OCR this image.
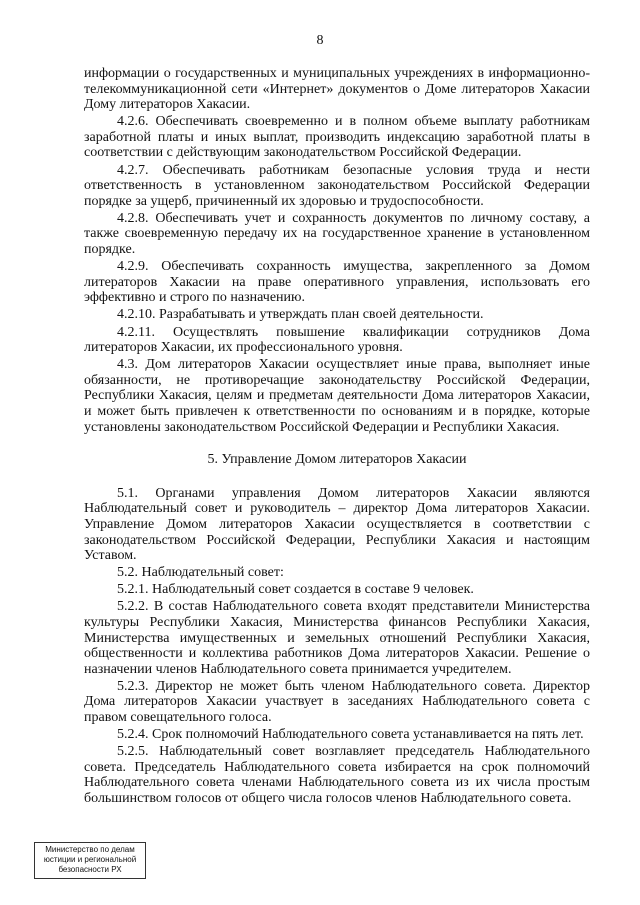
8

информации о государственных и муниципальных учреждениях в информационно-телекоммуникационной сети «Интернет» документов о Доме литераторов Хакасии Дому литераторов Хакасии.

4.2.6. Обеспечивать своевременно и в полном объеме выплату работникам заработной платы и иных выплат, производить индексацию заработной платы в соответствии с действующим законодательством Российской Федерации.

4.2.7. Обеспечивать работникам безопасные условия труда и нести ответственность в установленном законодательством Российской Федерации порядке за ущерб, причиненный их здоровью и трудоспособности.

4.2.8. Обеспечивать учет и сохранность документов по личному составу, а также своевременную передачу их на государственное хранение в установленном порядке.

4.2.9. Обеспечивать сохранность имущества, закрепленного за Домом литераторов Хакасии на праве оперативного управления, использовать его эффективно и строго по назначению.

4.2.10. Разрабатывать и утверждать план своей деятельности.

4.2.11. Осуществлять повышение квалификации сотрудников Дома литераторов Хакасии, их профессионального уровня.

4.3. Дом литераторов Хакасии осуществляет иные права, выполняет иные обязанности, не противоречащие законодательству Российской Федерации, Республики Хакасия, целям и предметам деятельности Дома литераторов Хакасии, и может быть привлечен к ответственности по основаниям и в порядке, которые установлены законодательством Российской Федерации и Республики Хакасия.

5. Управление Домом литераторов Хакасии

5.1. Органами управления Домом литераторов Хакасии являются Наблюдательный совет и руководитель – директор Дома литераторов Хакасии. Управление Домом литераторов Хакасии осуществляется в соответствии с законодательством Российской Федерации, Республики Хакасия и настоящим Уставом.

5.2. Наблюдательный совет:

5.2.1. Наблюдательный совет создается в составе 9 человек.

5.2.2. В состав Наблюдательного совета входят представители Министерства культуры Республики Хакасия, Министерства финансов Республики Хакасия, Министерства имущественных и земельных отношений Республики Хакасия, общественности и коллектива работников Дома литераторов Хакасии. Решение о назначении членов Наблюдательного совета принимается учредителем.

5.2.3. Директор не может быть членом Наблюдательного совета. Директор Дома литераторов Хакасии участвует в заседаниях Наблюдательного совета с правом совещательного голоса.

5.2.4. Срок полномочий Наблюдательного совета устанавливается на пять лет.

5.2.5. Наблюдательный совет возглавляет председатель Наблюдательного совета. Председатель Наблюдательного совета избирается на срок полномочий Наблюдательного совета членами Наблюдательного совета из их числа простым большинством голосов от общего числа голосов членов Наблюдательного совета.

Министерство по делам
юстиции и региональной
безопасности РХ
